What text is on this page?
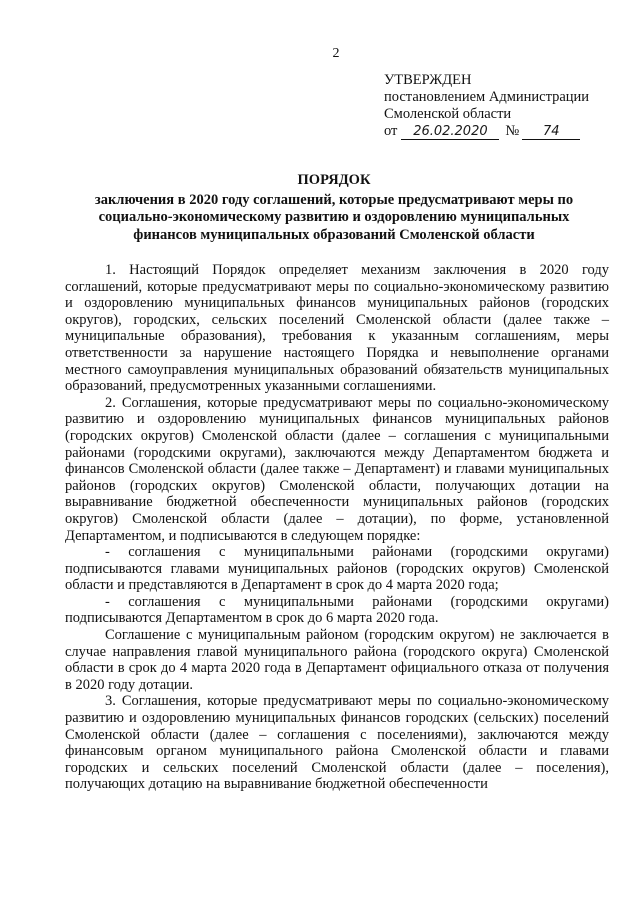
2
УТВЕРЖДЕН
постановлением Администрации
Смоленской области
от 26.02.2020 № 74
ПОРЯДОК
заключения в 2020 году соглашений, которые предусматривают меры по
социально-экономическому развитию и оздоровлению муниципальных
финансов муниципальных образований Смоленской области

1. Настоящий Порядок определяет механизм заключения в 2020 году соглашений, которые предусматривают меры по социально-экономическому развитию и оздоровлению муниципальных финансов муниципальных районов (городских округов), городских, сельских поселений Смоленской области (далее также – муниципальные образования), требования к указанным соглашениям, меры ответственности за нарушение настоящего Порядка и невыполнение органами местного самоуправления муниципальных образований обязательств муниципальных образований, предусмотренных указанными соглашениями.

2. Соглашения, которые предусматривают меры по социально-экономическому развитию и оздоровлению муниципальных финансов муниципальных районов (городских округов) Смоленской области (далее – соглашения с муниципальными районами (городскими округами), заключаются между Департаментом бюджета и финансов Смоленской области (далее также – Департамент) и главами муниципальных районов (городских округов) Смоленской области, получающих дотации на выравнивание бюджетной обеспеченности муниципальных районов (городских округов) Смоленской области (далее – дотации), по форме, установленной Департаментом, и подписываются в следующем порядке:

- соглашения с муниципальными районами (городскими округами) подписываются главами муниципальных районов (городских округов) Смоленской области и представляются в Департамент в срок до 4 марта 2020 года;

- соглашения с муниципальными районами (городскими округами) подписываются Департаментом в срок до 6 марта 2020 года.

Соглашение с муниципальным районом (городским округом) не заключается в случае направления главой муниципального района (городского округа) Смоленской области в срок до 4 марта 2020 года в Департамент официального отказа от получения в 2020 году дотации.

3. Соглашения, которые предусматривают меры по социально-экономическому развитию и оздоровлению муниципальных финансов городских (сельских) поселений Смоленской области (далее – соглашения с поселениями), заключаются между финансовым органом муниципального района Смоленской области и главами городских и сельских поселений Смоленской области (далее – поселения), получающих дотацию на выравнивание бюджетной обеспеченности
